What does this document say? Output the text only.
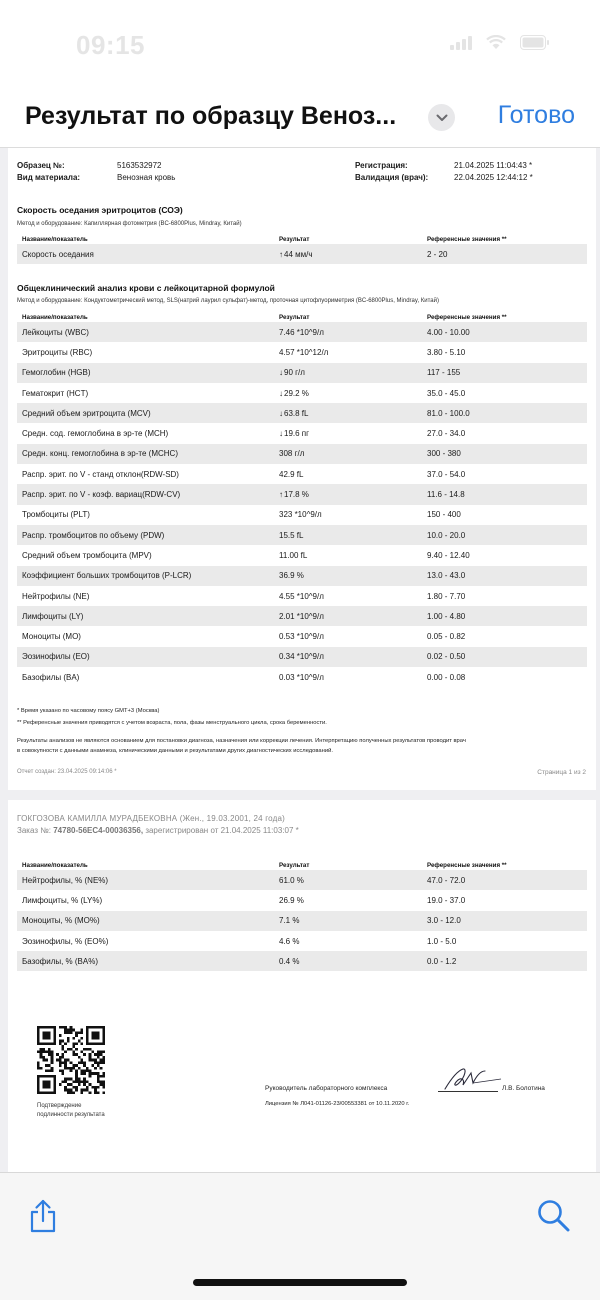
09:15
Результат по образцу Веноз...	Готово
Образец №:	5163532972
Вид материала:	Венозная кровь
Регистрация:	21.04.2025 11:04:43 *
Валидация (врач):	22.04.2025 12:44:12 *
Скорость оседания эритроцитов (СОЭ)
Метод и оборудование: Капиллярная фотометрия (BC-6800Plus, Mindray, Китай)
Название/показатель	Результат	Референсные значения **
Скорость оседания	↑44 мм/ч	2 - 20
Общеклинический анализ крови с лейкоцитарной формулой
Метод и оборудование: Кондуктометрический метод, SLS(натрий лаурил сульфат)-метод, проточная цитофлуориметрия (BC-6800Plus, Mindray, Китай)
Название/показатель	Результат	Референсные значения **
Лейкоциты (WBC)	7.46 *10^9/л	4.00 - 10.00
Эритроциты (RBC)	4.57 *10^12/л	3.80 - 5.10
Гемоглобин (HGB)	↓90 г/л	117 - 155
Гематокрит (HCT)	↓29.2 %	35.0 - 45.0
Средний объем эритроцита (MCV)	↓63.8 fL	81.0 - 100.0
Средн. сод. гемоглобина в эр-те (MCH)	↓19.6 пг	27.0 - 34.0
Средн. конц. гемоглобина в эр-те (MCHC)	308 г/л	300 - 380
Распр. эрит. по V - станд отклон(RDW-SD)	42.9 fL	37.0 - 54.0
Распр. эрит. по V - коэф. вариац(RDW-CV)	↑17.8 %	11.6 - 14.8
Тромбоциты (PLT)	323 *10^9/л	150 - 400
Распр. тромбоцитов по объему (PDW)	15.5 fL	10.0 - 20.0
Средний объем тромбоцита (MPV)	11.00 fL	9.40 - 12.40
Коэффициент больших тромбоцитов (P-LCR)	36.9 %	13.0 - 43.0
Нейтрофилы (NE)	4.55 *10^9/л	1.80 - 7.70
Лимфоциты (LY)	2.01 *10^9/л	1.00 - 4.80
Моноциты (MO)	0.53 *10^9/л	0.05 - 0.82
Эозинофилы (EO)	0.34 *10^9/л	0.02 - 0.50
Базофилы (BA)	0.03 *10^9/л	0.00 - 0.08
* Время указано по часовому поясу GMT+3 (Москва)
** Референсные значения приводятся с учетом возраста, пола, фазы менструального цикла, срока беременности.
Результаты анализов не являются основанием для постановки диагноза, назначения или коррекции лечения. Интерпретацию полученных результатов проводит врач
в совокупности с данными анамнеза, клиническими данными и результатами других диагностических исследований.
Отчет создан: 23.04.2025 09:14:06 *	Страница 1 из 2
ГОКГОЗОВА КАМИЛЛА МУРАДБЕКОВНА (Жен., 19.03.2001, 24 года)
Заказ №: 74780-56EC4-00036356, зарегистрирован от 21.04.2025 11:03:07 *
Название/показатель	Результат	Референсные значения **
Нейтрофилы, % (NE%)	61.0 %	47.0 - 72.0
Лимфоциты, % (LY%)	26.9 %	19.0 - 37.0
Моноциты, % (MO%)	7.1 %	3.0 - 12.0
Эозинофилы, % (EO%)	4.6 %	1.0 - 5.0
Базофилы, % (BA%)	0.4 %	0.0 - 1.2
Подтверждение
подлинности результата
Руководитель лабораторного комплекса	Л.В. Болотина
Лицензия № Л041-01126-23/00553381 от 10.11.2020 г.
